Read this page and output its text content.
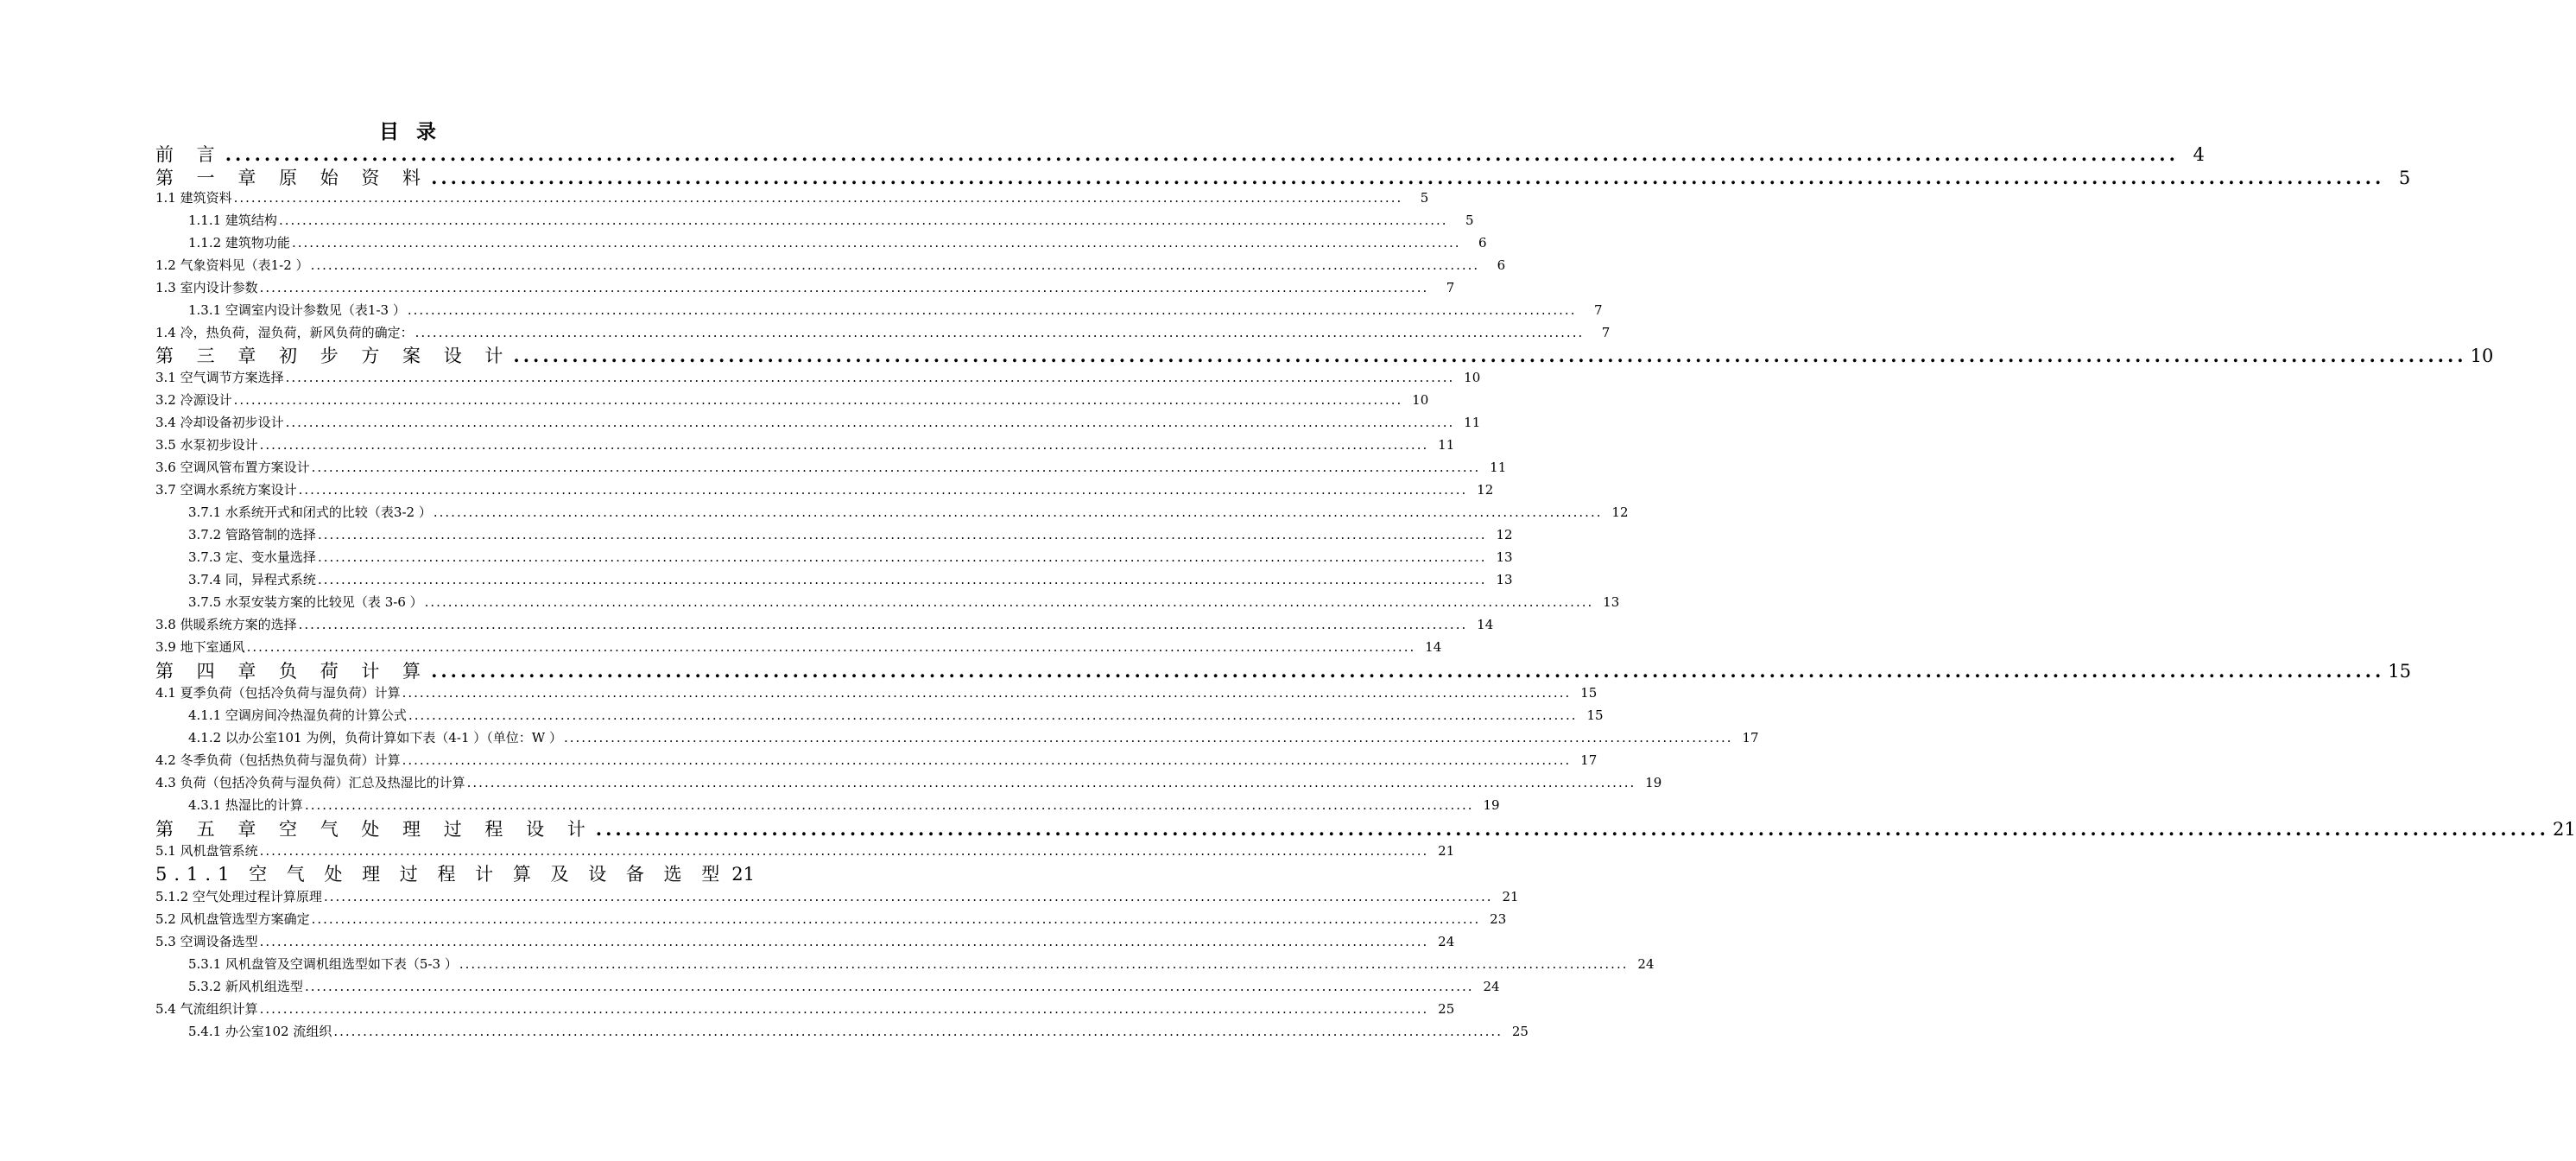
目 录
前 言 ........................................................................................................................................................................................................ 4
第 一 章 原 始 资 料 ........................................................................................................................................................................................................ 5
1.1 建筑资料 ........................................................................................................................................................................................................	5
1.1.1 建筑结构 ........................................................................................................................................................................................................	5
1.1.2 建筑物功能 ........................................................................................................................................................................................................	6
1.2 气象资料见（表1-2 ） ........................................................................................................................................................................................................	6
1.3 室内设计参数 ........................................................................................................................................................................................................	7
1.3.1 空调室内设计参数见（表1-3 ） ........................................................................................................................................................................................................	7
1.4 冷，热负荷，湿负荷，新风负荷的确定： ........................................................................................................................................................................................................	7
第 三 章 初 步 方 案 设 计 ........................................................................................................................................................................................................ 10
3.1 空气调节方案选择 ........................................................................................................................................................................................................ 10
3.2 冷源设计 ........................................................................................................................................................................................................ 10
3.4 冷却设备初步设计 ........................................................................................................................................................................................................ 11
3.5 水泵初步设计 ........................................................................................................................................................................................................ 11
3.6 空调风管布置方案设计 ........................................................................................................................................................................................................ 11
3.7 空调水系统方案设计 ........................................................................................................................................................................................................ 12
3.7.1 水系统开式和闭式的比较（表3-2 ） ........................................................................................................................................................................................................ 12
3.7.2 管路管制的选择 ........................................................................................................................................................................................................ 12
3.7.3 定、变水量选择 ........................................................................................................................................................................................................ 13
3.7.4 同，异程式系统 ........................................................................................................................................................................................................ 13
3.7.5 水泵安装方案的比较见（表 3-6 ） ........................................................................................................................................................................................................ 13
3.8 供暖系统方案的选择 ........................................................................................................................................................................................................ 14
3.9 地下室通风 ........................................................................................................................................................................................................ 14
第 四 章 负 荷 计 算 ........................................................................................................................................................................................................ 15
4.1 夏季负荷（包括冷负荷与湿负荷）计算 ........................................................................................................................................................................................................ 15
4.1.1 空调房间冷热湿负荷的计算公式 ........................................................................................................................................................................................................ 15
4.1.2 以办公室101 为例，负荷计算如下表（4-1 ）（单位：W ） ........................................................................................................................................................................................................ 17
4.2 冬季负荷（包括热负荷与湿负荷）计算 ........................................................................................................................................................................................................ 17
4.3 负荷（包括冷负荷与湿负荷）汇总及热湿比的计算 ........................................................................................................................................................................................................ 19
4.3.1 热湿比的计算 ........................................................................................................................................................................................................ 19
第 五 章 空 气 处 理 过 程 设 计 ........................................................................................................................................................................................................ 21
5.1 风机盘管系统 ........................................................................................................................................................................................................ 21
5.1.1 空 气 处 理 过 程 计 算 及 设 备 选 型 21
5.1.2 空气处理过程计算原理 ........................................................................................................................................................................................................ 21
5.2 风机盘管选型方案确定 ........................................................................................................................................................................................................ 23
5.3 空调设备选型 ........................................................................................................................................................................................................ 24
5.3.1 风机盘管及空调机组选型如下表（5-3 ） ........................................................................................................................................................................................................ 24
5.3.2 新风机组选型 ........................................................................................................................................................................................................ 24
5.4 气流组织计算 ........................................................................................................................................................................................................ 25
5.4.1 办公室102 流组织 ........................................................................................................................................................................................................ 25
